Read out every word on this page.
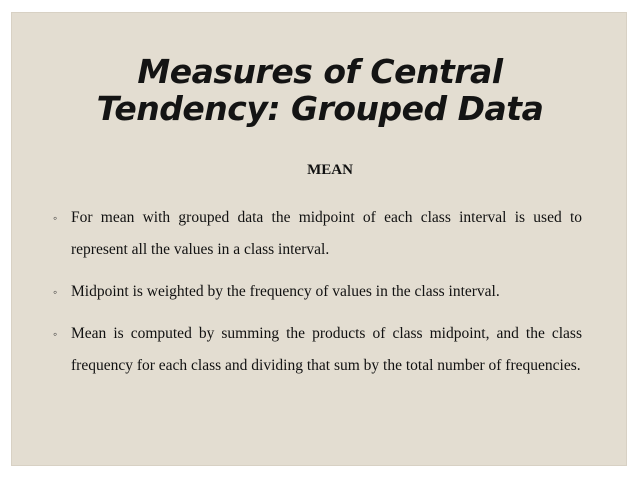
Measures of Central
Tendency: Grouped Data
MEAN
◦ For mean with grouped data the midpoint of each class interval is used to represent all the values in a class interval.
◦ Midpoint is weighted by the frequency of values in the class interval.
◦ Mean is computed by summing the products of class midpoint, and the class frequency for each class and dividing that sum by the total number of frequencies.
